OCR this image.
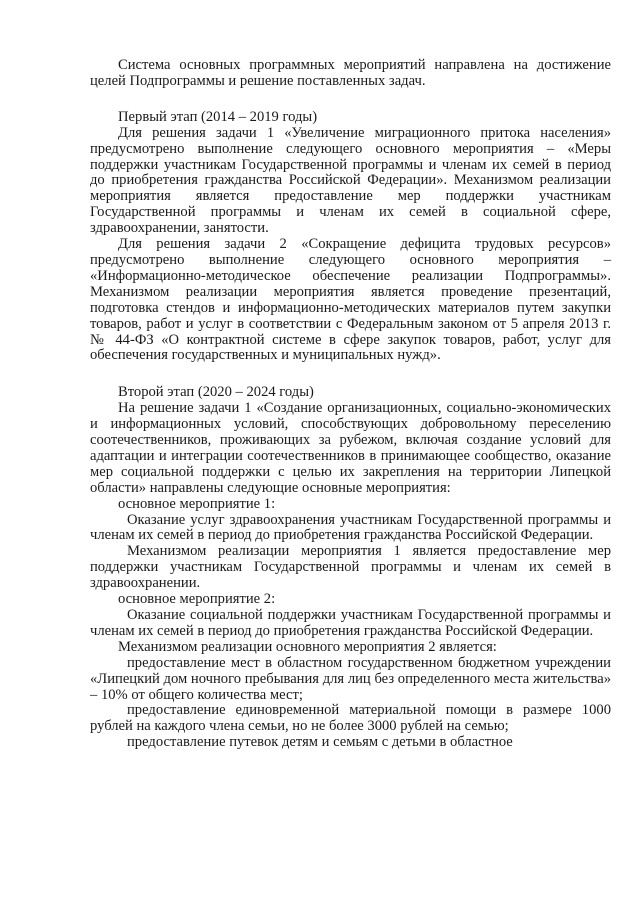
Система основных программных мероприятий направлена на достижение целей Подпрограммы и решение поставленных задач.

Первый этап (2014 – 2019 годы)

Для решения задачи 1 «Увеличение миграционного притока населения» предусмотрено выполнение следующего основного мероприятия – «Меры поддержки участникам Государственной программы и членам их семей в период до приобретения гражданства Российской Федерации». Механизмом реализации мероприятия является предоставление мер поддержки участникам Государственной программы и членам их семей в социальной сфере, здравоохранении, занятости.

Для решения задачи 2 «Сокращение дефицита трудовых ресурсов» предусмотрено выполнение следующего основного мероприятия – «Информационно-методическое обеспечение реализации Подпрограммы». Механизмом реализации мероприятия является проведение презентаций, подготовка стендов и информационно-методических материалов путем закупки товаров, работ и услуг в соответствии с Федеральным законом от 5 апреля 2013 г. № 44-ФЗ «О контрактной системе в сфере закупок товаров, работ, услуг для обеспечения государственных и муниципальных нужд».

Второй этап (2020 – 2024 годы)

На решение задачи 1 «Создание организационных, социально-экономических и информационных условий, способствующих добровольному переселению соотечественников, проживающих за рубежом, включая создание условий для адаптации и интеграции соотечественников в принимающее сообщество, оказание мер социальной поддержки с целью их закрепления на территории Липецкой области» направлены следующие основные мероприятия:

основное мероприятие 1:

Оказание услуг здравоохранения участникам Государственной программы и членам их семей в период до приобретения гражданства Российской Федерации.

Механизмом реализации мероприятия 1 является предоставление мер поддержки участникам Государственной программы и членам их семей в здравоохранении.

основное мероприятие 2:

Оказание социальной поддержки участникам Государственной программы и членам их семей в период до приобретения гражданства Российской Федерации.

Механизмом реализации основного мероприятия 2 является:

предоставление мест в областном государственном бюджетном учреждении «Липецкий дом ночного пребывания для лиц без определенного места жительства» – 10% от общего количества мест;

предоставление единовременной материальной помощи в размере 1000 рублей на каждого члена семьи, но не более 3000 рублей на семью;

предоставление путевок детям и семьям с детьми в областное
